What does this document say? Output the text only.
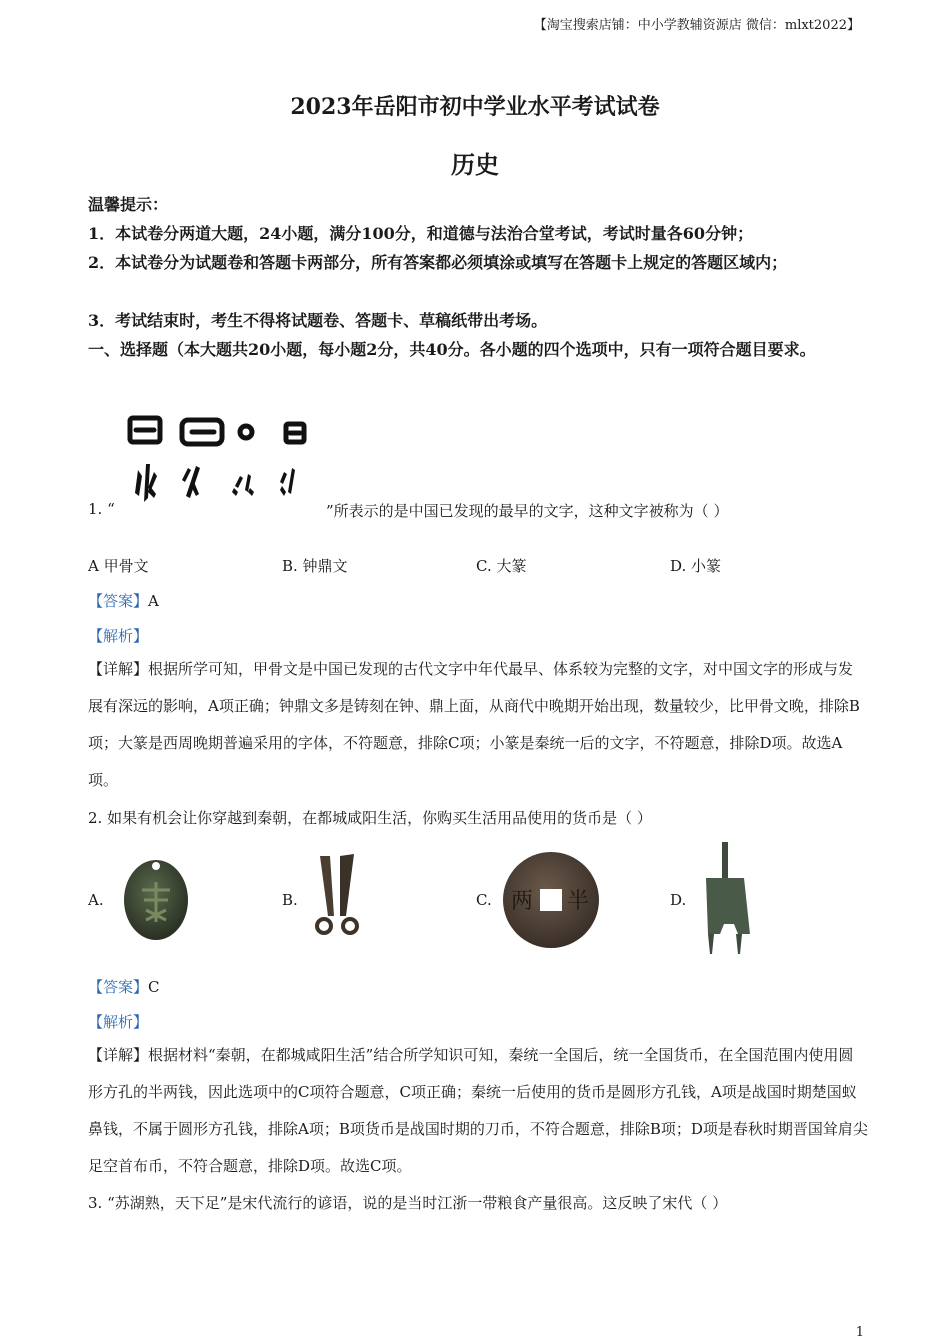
【淘宝搜索店铺：中小学教辅资源店 微信：mlxt2022】
2023年岳阳市初中学业水平考试试卷
历史
温馨提示：
1．本试卷分两道大题，24小题，满分100分，和道德与法治合堂考试，考试时量各60分钟；
2．本试卷分为试题卷和答题卡两部分，所有答案都必须填涂或填写在答题卡上规定的答题区域内；
3．考试结束时，考生不得将试题卷、答题卡、草稿纸带出考场。
一、选择题（本大题共20小题，每小题2分，共40分。各小题的四个选项中，只有一项符合题目要求。
1. “	”所表示的是中国已发现的最早的文字，这种文字被称为（ ）
A 甲骨文	B. 钟鼎文	C. 大篆	D. 小篆
【答案】A
【解析】
【详解】根据所学可知，甲骨文是中国已发现的古代文字中年代最早、体系较为完整的文字，对中国文字的形成与发展有深远的影响，A项正确；钟鼎文多是铸刻在钟、鼎上面，从商代中晚期开始出现，数量较少，比甲骨文晚，排除B项；大篆是西周晚期普遍采用的字体，不符题意，排除C项；小篆是秦统一后的文字，不符题意，排除D项。故选A项。
2. 如果有机会让你穿越到秦朝，在都城咸阳生活，你购买生活用品使用的货币是（ ）
A.	B.	C.	D.
半
两
【答案】C
【解析】
【详解】根据材料“秦朝，在都城咸阳生活”结合所学知识可知，秦统一全国后，统一全国货币，在全国范围内使用圆形方孔的半两钱，因此选项中的C项符合题意，C项正确；秦统一后使用的货币是圆形方孔钱，A项是战国时期楚国蚁鼻钱，不属于圆形方孔钱，排除A项；B项货币是战国时期的刀币，不符合题意，排除B项；D项是春秋时期晋国耸肩尖足空首布币，不符合题意，排除D项。故选C项。
3. “苏湖熟，天下足”是宋代流行的谚语，说的是当时江浙一带粮食产量很高。这反映了宋代（ ）
1
